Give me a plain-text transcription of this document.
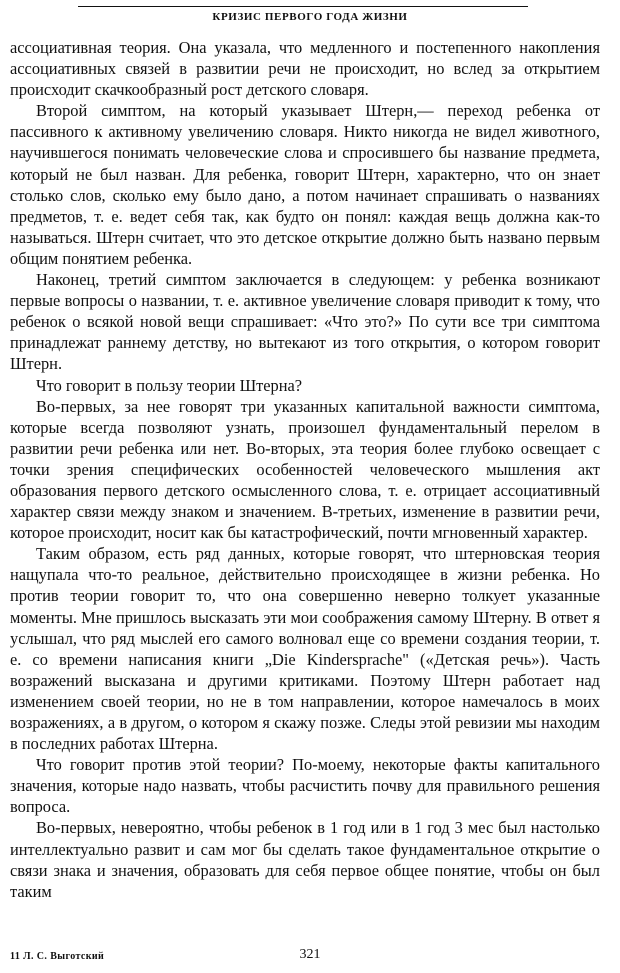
КРИЗИС ПЕРВОГО ГОДА ЖИЗНИ

ассоциативная теория. Она указала, что медленного и постепенного накопления ассоциативных связей в развитии речи не происходит, но вслед за открытием происходит скачкообразный рост детского словаря.

Второй симптом, на который указывает Штерн,— переход ребенка от пассивного к активному увеличению словаря. Никто никогда не видел животного, научившегося понимать человеческие слова и спросившего бы название предмета, который не был назван. Для ребенка, говорит Штерн, характерно, что он знает столько слов, сколько ему было дано, а потом начинает спрашивать о названиях предметов, т. е. ведет себя так, как будто он понял: каждая вещь должна как-то называться. Штерн считает, что это детское открытие должно быть названо первым общим понятием ребенка.

Наконец, третий симптом заключается в следующем: у ребенка возникают первые вопросы о названии, т. е. активное увеличение словаря приводит к тому, что ребенок о всякой новой вещи спрашивает: «Что это?» По сути все три симптома принадлежат раннему детству, но вытекают из того открытия, о котором говорит Штерн.

Что говорит в пользу теории Штерна?

Во-первых, за нее говорят три указанных капитальной важности симптома, которые всегда позволяют узнать, произошел фундаментальный перелом в развитии речи ребенка или нет. Во-вторых, эта теория более глубоко освещает с точки зрения специфических особенностей человеческого мышления акт образования первого детского осмысленного слова, т. е. отрицает ассоциативный характер связи между знаком и значением. В-третьих, изменение в развитии речи, которое происходит, носит как бы катастрофический, почти мгновенный характер.

Таким образом, есть ряд данных, которые говорят, что штерновская теория нащупала что-то реальное, действительно происходящее в жизни ребенка. Но против теории говорит то, что она совершенно неверно толкует указанные моменты. Мне пришлось высказать эти мои соображения самому Штерну. В ответ я услышал, что ряд мыслей его самого волновал еще со времени создания теории, т. е. со времени написания книги „Die Kindersprache" («Детская речь»). Часть возражений высказана и другими критиками. Поэтому Штерн работает над изменением своей теории, но не в том направлении, которое намечалось в моих возражениях, а в другом, о котором я скажу позже. Следы этой ревизии мы находим в последних работах Штерна.

Что говорит против этой теории? По-моему, некоторые факты капитального значения, которые надо назвать, чтобы расчистить почву для правильного решения вопроса.

Во-первых, невероятно, чтобы ребенок в 1 год или в 1 год 3 мес был настолько интеллектуально развит и сам мог бы сделать такое фундаментальное открытие о связи знака и значения, образовать для себя первое общее понятие, чтобы он был таким

11 Л. С. Выготский	321
